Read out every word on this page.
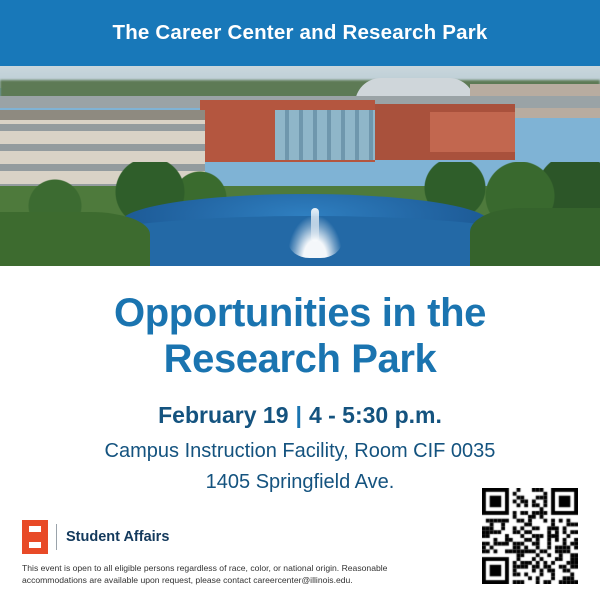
The Career Center and Research Park
Opportunities in the
Research Park
February 19 | 4 - 5:30 p.m.
Campus Instruction Facility, Room CIF 0035
1405 Springfield Ave.
Student Affairs
This event is open to all eligible persons regardless of race, color, or national origin. Reasonable accommodations are available upon request, please contact careercenter@illinois.edu.
